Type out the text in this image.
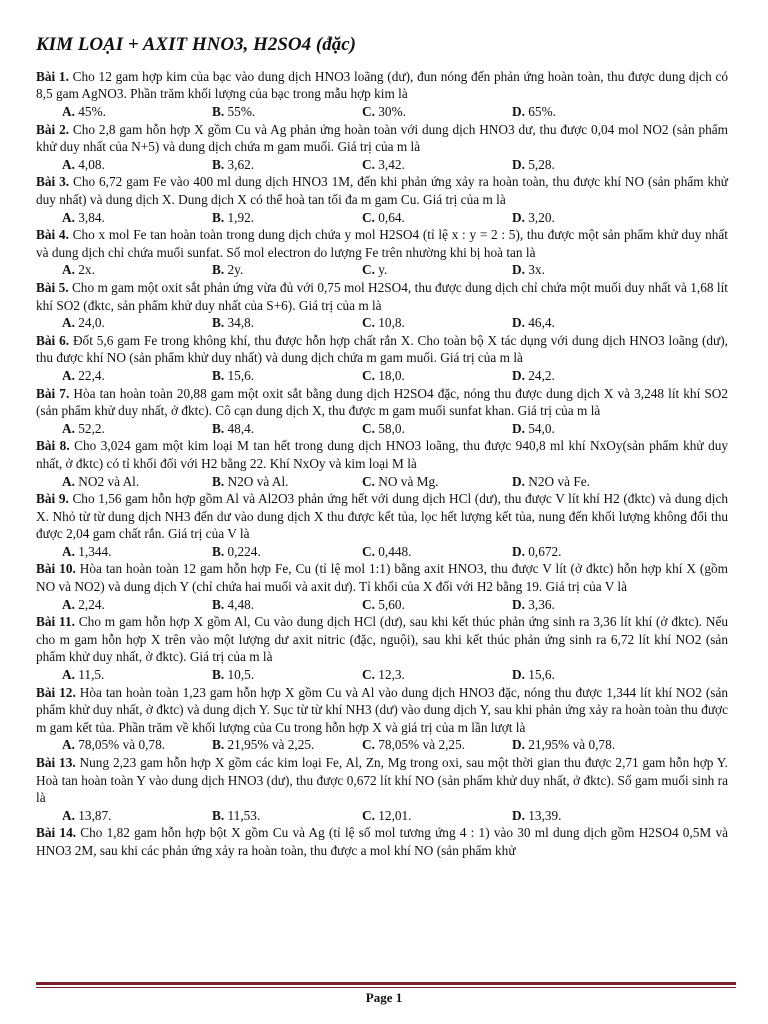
KIM LOẠI + AXIT HNO3, H2SO4 (đặc)
Bài 1. Cho 12 gam hợp kim của bạc vào dung dịch HNO3 loãng (dư), đun nóng đến phản ứng hoàn toàn, thu được dung dịch có 8,5 gam AgNO3. Phần trăm khối lượng của bạc trong mẫu hợp kim là
A. 45%.	B. 55%.	C. 30%.	D. 65%.
Bài 2. Cho 2,8 gam hỗn hợp X gồm Cu và Ag phản ứng hoàn toàn với dung dịch HNO3 dư, thu được 0,04 mol NO2 (sản phẩm khử duy nhất của N+5) và dung dịch chứa m gam muối. Giá trị của m là
A. 4,08.	B. 3,62.	C. 3,42.	D. 5,28.
Bài 3. Cho 6,72 gam Fe vào 400 ml dung dịch HNO3 1M, đến khi phản ứng xảy ra hoàn toàn, thu được khí NO (sản phẩm khử duy nhất) và dung dịch X. Dung dịch X có thể hoà tan tối đa m gam Cu. Giá trị của m là
A. 3,84.	B. 1,92.	C. 0,64.	D. 3,20.
Bài 4. Cho x mol Fe tan hoàn toàn trong dung dịch chứa y mol H2SO4 (tỉ lệ x : y = 2 : 5), thu được một sản phẩm khử duy nhất và dung dịch chỉ chứa muối sunfat. Số mol electron do lượng Fe trên nhường khi bị hoà tan là
A. 2x.	B. 2y.	C. y.	D. 3x.
Bài 5. Cho m gam một oxit sắt phản ứng vừa đủ với 0,75 mol H2SO4, thu được dung dịch chỉ chứa một muối duy nhất và 1,68 lít khí SO2 (đktc, sản phẩm khử duy nhất của S+6). Giá trị của m là
A. 24,0.	B. 34,8.	C. 10,8.	D. 46,4.
Bài 6. Đốt 5,6 gam Fe trong không khí, thu được hỗn hợp chất rắn X. Cho toàn bộ X tác dụng với dung dịch HNO3 loãng (dư), thu được khí NO (sản phẩm khử duy nhất) và dung dịch chứa m gam muối. Giá trị của m là
A. 22,4.	B. 15,6.	C. 18,0.	D. 24,2.
Bài 7. Hòa tan hoàn toàn 20,88 gam một oxit sắt bằng dung dịch H2SO4 đặc, nóng thu được dung dịch X và 3,248 lít khí SO2 (sản phẩm khử duy nhất, ở đktc). Cô cạn dung dịch X, thu được m gam muối sunfat khan. Giá trị của m là
A. 52,2.	B. 48,4.	C. 58,0.	D. 54,0.
Bài 8. Cho 3,024 gam một kim loại M tan hết trong dung dịch HNO3 loãng, thu được 940,8 ml khí NxOy(sản phẩm khử duy nhất, ở đktc) có tỉ khối đối với H2 bằng 22. Khí NxOy và kim loại M là
A. NO2 và Al.	B. N2O và Al.	C. NO và Mg.	D. N2O và Fe.
Bài 9. Cho 1,56 gam hỗn hợp gồm Al và Al2O3 phản ứng hết với dung dịch HCl (dư), thu được V lít khí H2 (đktc) và dung dịch X. Nhỏ từ từ dung dịch NH3 đến dư vào dung dịch X thu được kết tủa, lọc hết lượng kết tủa, nung đến khối lượng không đổi thu được 2,04 gam chất rắn. Giá trị của V là
A. 1,344.	B. 0,224.	C. 0,448.	D. 0,672.
Bài 10. Hòa tan hoàn toàn 12 gam hỗn hợp Fe, Cu (tỉ lệ mol 1:1) bằng axit HNO3, thu được V lít (ở đktc) hỗn hợp khí X (gồm NO và NO2) và dung dịch Y (chỉ chứa hai muối và axit dư). Tỉ khối của X đối với H2 bằng 19. Giá trị của V là
A. 2,24.	B. 4,48.	C. 5,60.	D. 3,36.
Bài 11. Cho m gam hỗn hợp X gồm Al, Cu vào dung dịch HCl (dư), sau khi kết thúc phản ứng sinh ra 3,36 lít khí (ở đktc). Nếu cho m gam hỗn hợp X trên vào một lượng dư axit nitric (đặc, nguội), sau khi kết thúc phản ứng sinh ra 6,72 lít khí NO2 (sản phẩm khử duy nhất, ở đktc). Giá trị của m là
A. 11,5.	B. 10,5.	C. 12,3.	D. 15,6.
Bài 12. Hòa tan hoàn toàn 1,23 gam hỗn hợp X gồm Cu và Al vào dung dịch HNO3 đặc, nóng thu được 1,344 lít khí NO2 (sản phẩm khử duy nhất, ở đktc) và dung dịch Y. Sục từ từ khí NH3 (dư) vào dung dịch Y, sau khi phản ứng xảy ra hoàn toàn thu được m gam kết tủa. Phần trăm về khối lượng của Cu trong hỗn hợp X và giá trị của m lần lượt là
A. 78,05% và 0,78.	B. 21,95% và 2,25.	C. 78,05% và 2,25.	D. 21,95% và 0,78.
Bài 13. Nung 2,23 gam hỗn hợp X gồm các kim loại Fe, Al, Zn, Mg trong oxi, sau một thời gian thu được 2,71 gam hỗn hợp Y. Hoà tan hoàn toàn Y vào dung dịch HNO3 (dư), thu được 0,672 lít khí NO (sản phẩm khử duy nhất, ở đktc). Số gam muối sinh ra là
A. 13,87.	B. 11,53.	C. 12,01.	D. 13,39.
Bài 14. Cho 1,82 gam hỗn hợp bột X gồm Cu và Ag (tỉ lệ số mol tương ứng 4 : 1) vào 30 ml dung dịch gồm H2SO4 0,5M và HNO3 2M, sau khi các phản ứng xảy ra hoàn toàn, thu được a mol khí NO (sản phẩm khử
Page 1
